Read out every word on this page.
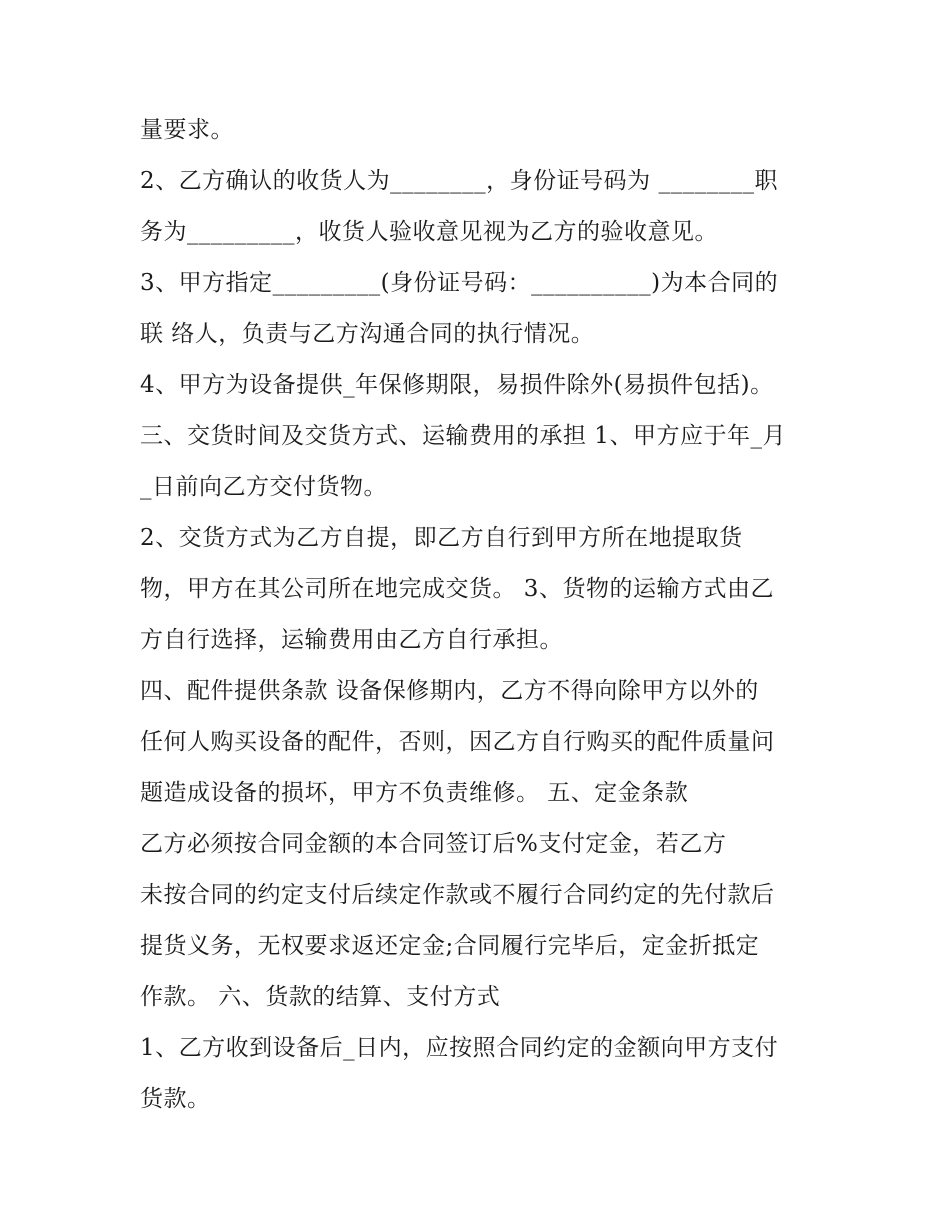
量要求。

2、乙方确认的收货人为________，身份证号码为 ________职

务为_________，收货人验收意见视为乙方的验收意见。

3、甲方指定_________(身份证号码：__________)为本合同的

联 络人，负责与乙方沟通合同的执行情况。

4、甲方为设备提供_年保修期限，易损件除外(易损件包括)。

三、交货时间及交货方式、运输费用的承担 1、甲方应于年_月

_日前向乙方交付货物。

2、交货方式为乙方自提，即乙方自行到甲方所在地提取货

物，甲方在其公司所在地完成交货。 3、货物的运输方式由乙

方自行选择，运输费用由乙方自行承担。

四、配件提供条款 设备保修期内，乙方不得向除甲方以外的

任何人购买设备的配件，否则，因乙方自行购买的配件质量问

题造成设备的损坏，甲方不负责维修。 五、定金条款

乙方必须按合同金额的本合同签订后%支付定金，若乙方

未按合同的约定支付后续定作款或不履行合同约定的先付款后

提货义务，无权要求返还定金;合同履行完毕后，定金折抵定

作款。 六、货款的结算、支付方式

1、乙方收到设备后_日内，应按照合同约定的金额向甲方支付

货款。
